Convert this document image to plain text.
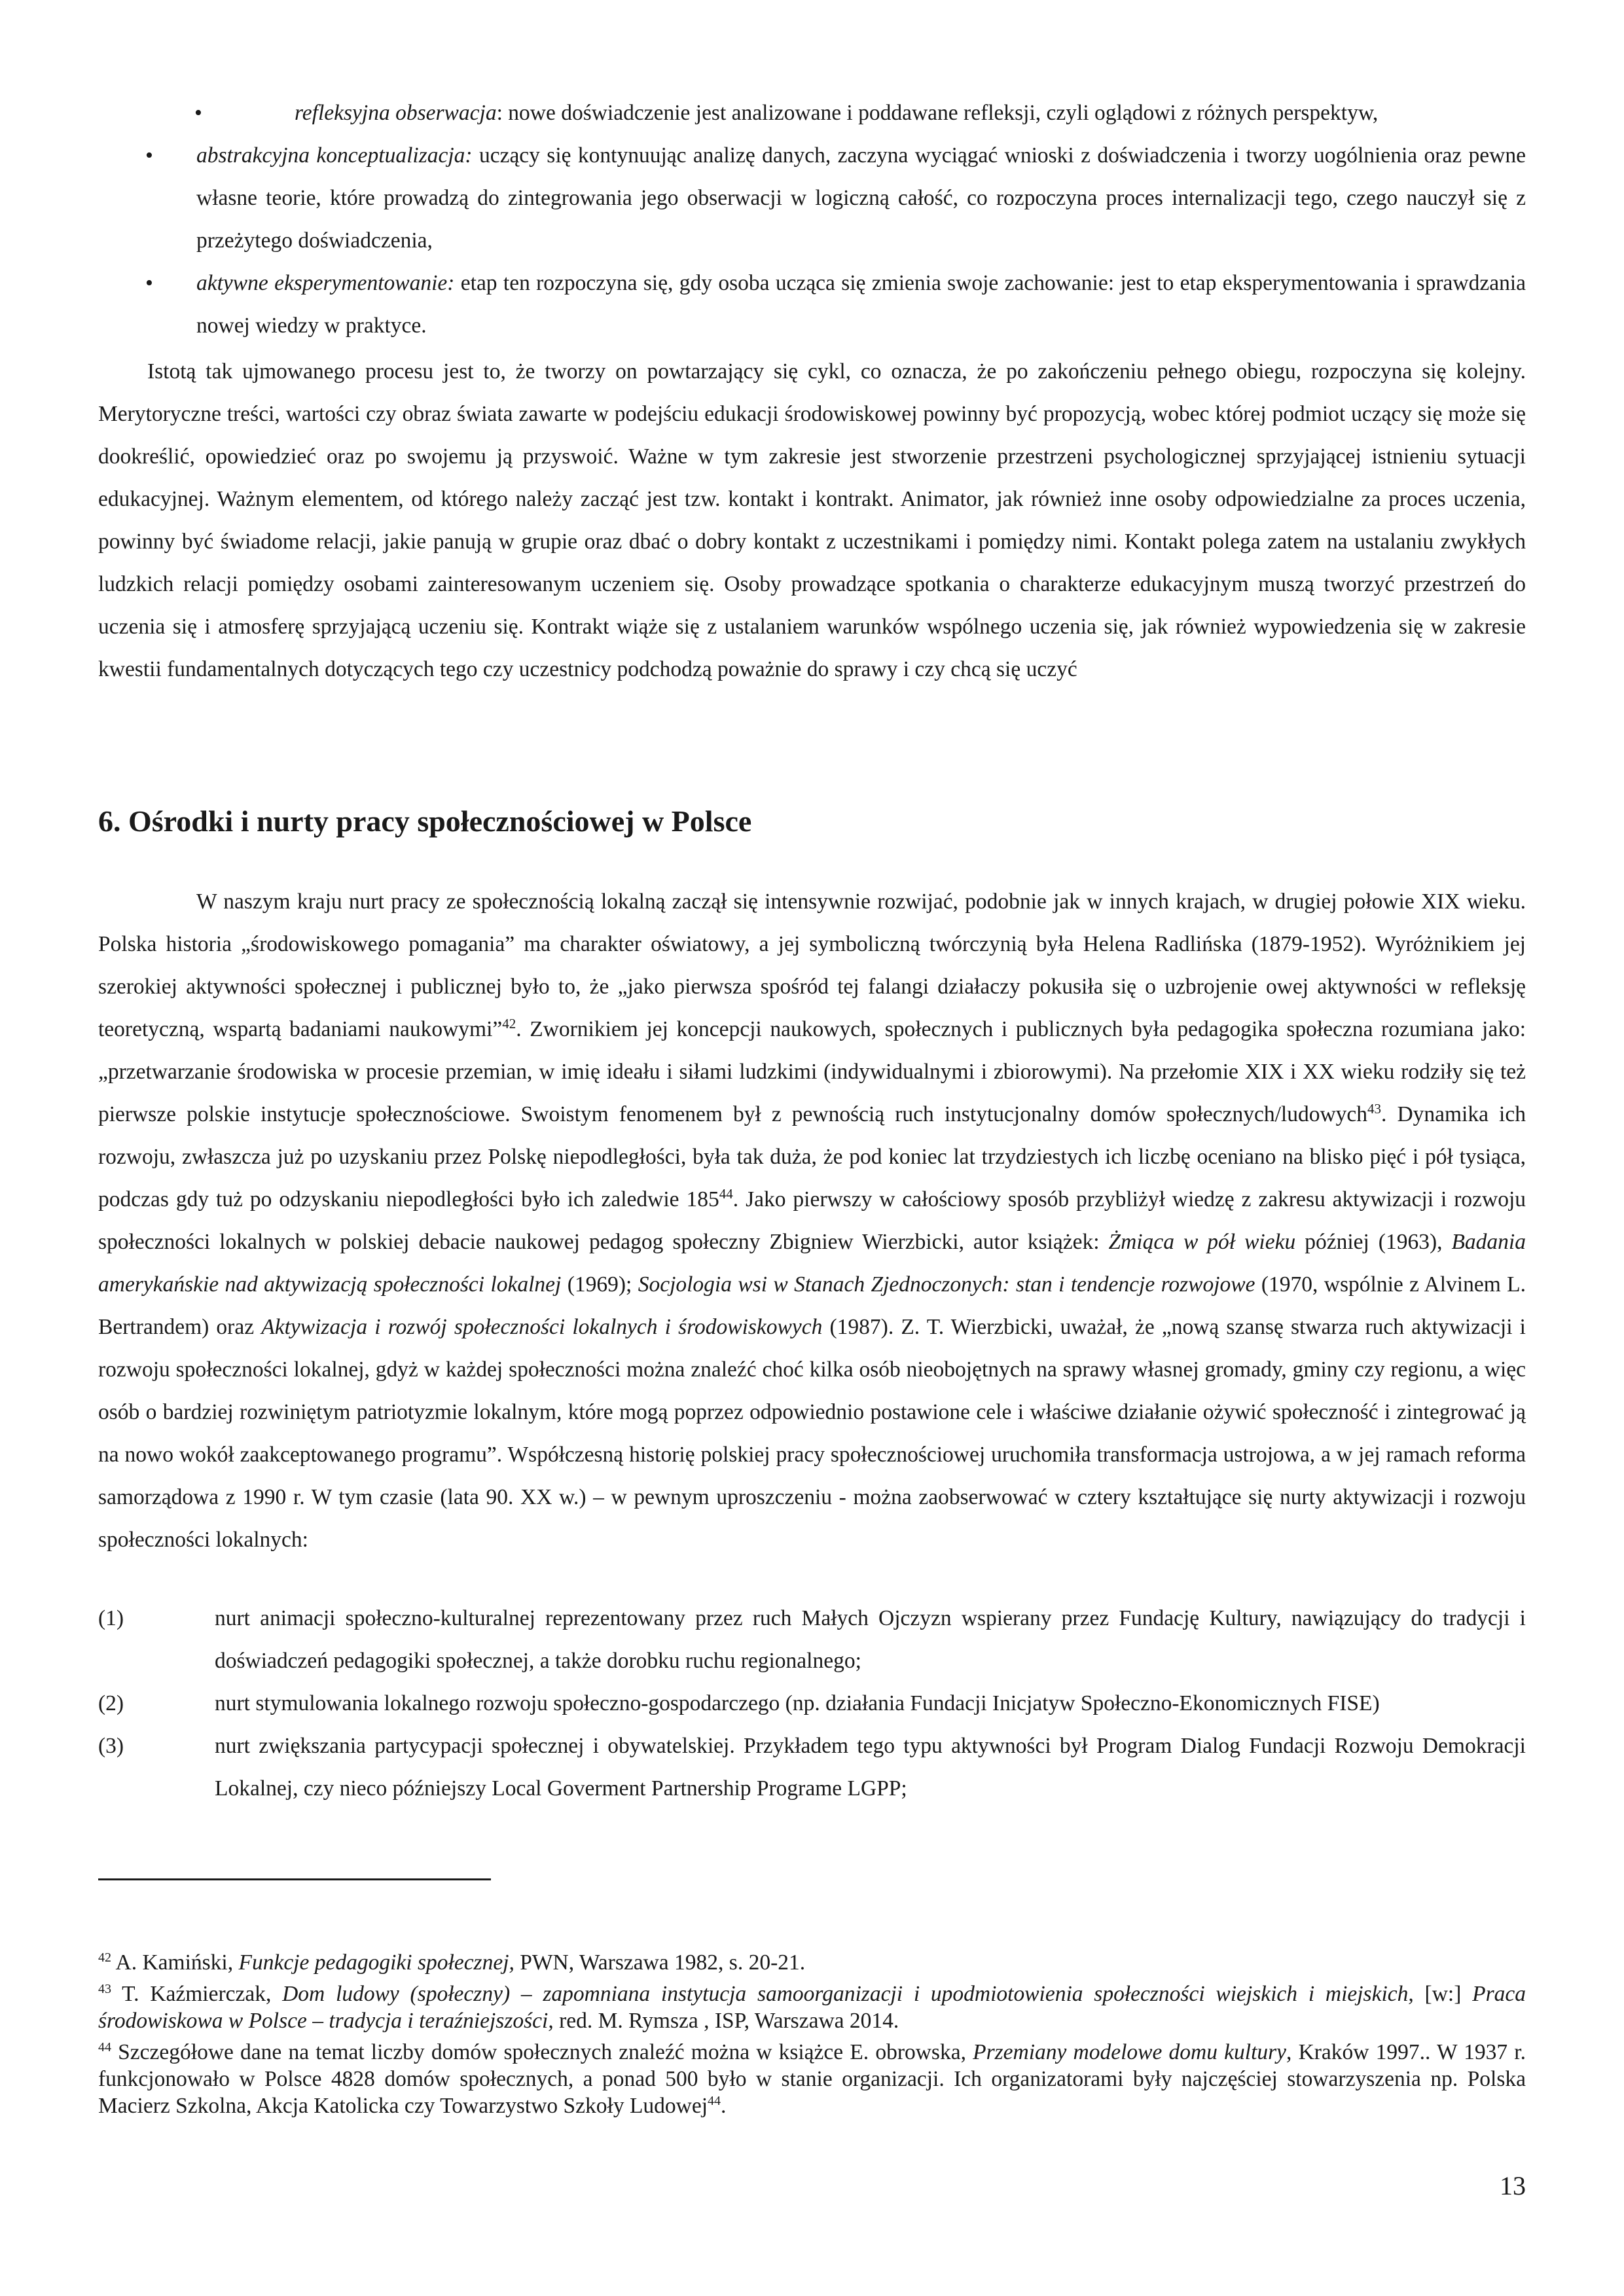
• refleksyjna obserwacja: nowe doświadczenie jest analizowane i poddawane refleksji, czyli oglądowi z różnych perspektyw,
• abstrakcyjna konceptualizacja: uczący się kontynuując analizę danych, zaczyna wyciągać wnioski z doświadczenia i tworzy uogólnienia oraz pewne własne teorie, które prowadzą do zintegrowania jego obserwacji w logiczną całość, co rozpoczyna proces internalizacji tego, czego nauczył się z przeżytego doświadczenia,
• aktywne eksperymentowanie: etap ten rozpoczyna się, gdy osoba ucząca się zmienia swoje zachowanie: jest to etap eksperymentowania i sprawdzania nowej wiedzy w praktyce.

Istotą tak ujmowanego procesu jest to, że tworzy on powtarzający się cykl, co oznacza, że po zakończeniu pełnego obiegu, rozpoczyna się kolejny. Merytoryczne treści, wartości czy obraz świata zawarte w podejściu edukacji środowiskowej powinny być propozycją, wobec której podmiot uczący się może się dookreślić, opowiedzieć oraz po swojemu ją przyswoić. Ważne w tym zakresie jest stworzenie przestrzeni psychologicznej sprzyjającej istnieniu sytuacji edukacyjnej. Ważnym elementem, od którego należy zacząć jest tzw. kontakt i kontrakt. Animator, jak również inne osoby odpowiedzialne za proces uczenia, powinny być świadome relacji, jakie panują w grupie oraz dbać o dobry kontakt z uczestnikami i pomiędzy nimi. Kontakt polega zatem na ustalaniu zwykłych ludzkich relacji pomiędzy osobami zainteresowanym uczeniem się. Osoby prowadzące spotkania o charakterze edukacyjnym muszą tworzyć przestrzeń do uczenia się i atmosferę sprzyjającą uczeniu się. Kontrakt wiąże się z ustalaniem warunków wspólnego uczenia się, jak również wypowiedzenia się w zakresie kwestii fundamentalnych dotyczących tego czy uczestnicy podchodzą poważnie do sprawy i czy chcą się uczyć

6. Ośrodki i nurty pracy społecznościowej w Polsce

W naszym kraju nurt pracy ze społecznością lokalną zaczął się intensywnie rozwijać, podobnie jak w innych krajach, w drugiej połowie XIX wieku. Polska historia „środowiskowego pomagania” ma charakter oświatowy, a jej symboliczną twórczynią była Helena Radlińska (1879-1952). Wyróżnikiem jej szerokiej aktywności społecznej i publicznej było to, że „jako pierwsza spośród tej falangi działaczy pokusiła się o uzbrojenie owej aktywności w refleksję teoretyczną, wspartą badaniami naukowymi”$^{42}$. Zwornikiem jej koncepcji naukowych, społecznych i publicznych była pedagogika społeczna rozumiana jako: „przetwarzanie środowiska w procesie przemian, w imię ideału i siłami ludzkimi (indywidualnymi i zbiorowymi). Na przełomie XIX i XX wieku rodziły się też pierwsze polskie instytucje społecznościowe. Swoistym fenomenem był z pewnością ruch instytucjonalny domów społecznych/ludowych$^{43}$. Dynamika ich rozwoju, zwłaszcza już po uzyskaniu przez Polskę niepodległości, była tak duża, że pod koniec lat trzydziestych ich liczbę oceniano na blisko pięć i pół tysiąca, podczas gdy tuż po odzyskaniu niepodległości było ich zaledwie $185^{44}$. Jako pierwszy w całościowy sposób przybliżył wiedzę z zakresu aktywizacji i rozwoju społeczności lokalnych w polskiej debacie naukowej pedagog społeczny Zbigniew Wierzbicki, autor książek: Żmiąca w pół wieku później (1963), Badania amerykańskie nad aktywizacją społeczności lokalnej (1969); Socjologia wsi w Stanach Zjednoczonych: stan i tendencje rozwojowe (1970, wspólnie z Alvinem L. Bertrandem) oraz Aktywizacja i rozwój społeczności lokalnych i środowiskowych (1987). Z. T. Wierzbicki, uważał, że „nową szansę stwarza ruch aktywizacji i rozwoju społeczności lokalnej, gdyż w każdej społeczności można znaleźć choć kilka osób nieobojętnych na sprawy własnej gromady, gminy czy regionu, a więc osób o bardziej rozwiniętym patriotyzmie lokalnym, które mogą poprzez odpowiednio postawione cele i właściwe działanie ożywić społeczność i zintegrować ją na nowo wokół zaakceptowanego programu”. Współczesną historię polskiej pracy społecznościowej uruchomiła transformacja ustrojowa, a w jej ramach reforma samorządowa z 1990 r. W tym czasie (lata 90. XX w.) – w pewnym uproszczeniu - można zaobserwować w cztery kształtujące się nurty aktywizacji i rozwoju społeczności lokalnych:

(1)	nurt animacji społeczno-kulturalnej reprezentowany przez ruch Małych Ojczyzn wspierany przez Fundację Kultury, nawiązujący do tradycji i doświadczeń pedagogiki społecznej, a także dorobku ruchu regionalnego;
(2)	nurt stymulowania lokalnego rozwoju społeczno-gospodarczego (np. działania Fundacji Inicjatyw Społeczno-Ekonomicznych FISE)
(3)	nurt zwiększania partycypacji społecznej i obywatelskiej. Przykładem tego typu aktywności był Program Dialog Fundacji Rozwoju Demokracji Lokalnej, czy nieco późniejszy Local Goverment Partnership Programe LGPP;

$^{42}$ A. Kamiński, Funkcje pedagogiki społecznej, PWN, Warszawa 1982, s. 20-21.

$^{43}$ T. Kaźmierczak, Dom ludowy (społeczny) – zapomniana instytucja samoorganizacji i upodmiotowienia społeczności wiejskich i miejskich, [w:] Praca środowiskowa w Polsce – tradycja i teraźniejszości, red. M. Rymsza , ISP, Warszawa 2014.

$^{44}$ Szczegółowe dane na temat liczby domów społecznych znaleźć można w książce E. obrowska, Przemiany modelowe domu kultury, Kraków 1997.. W 1937 r. funkcjonowało w Polsce 4828 domów społecznych, a ponad 500 było w stanie organizacji. Ich organizatorami były najczęściej stowarzyszenia np. Polska Macierz Szkolna, Akcja Katolicka czy Towarzystwo Szkoły Ludowej$^{44}$.

13
